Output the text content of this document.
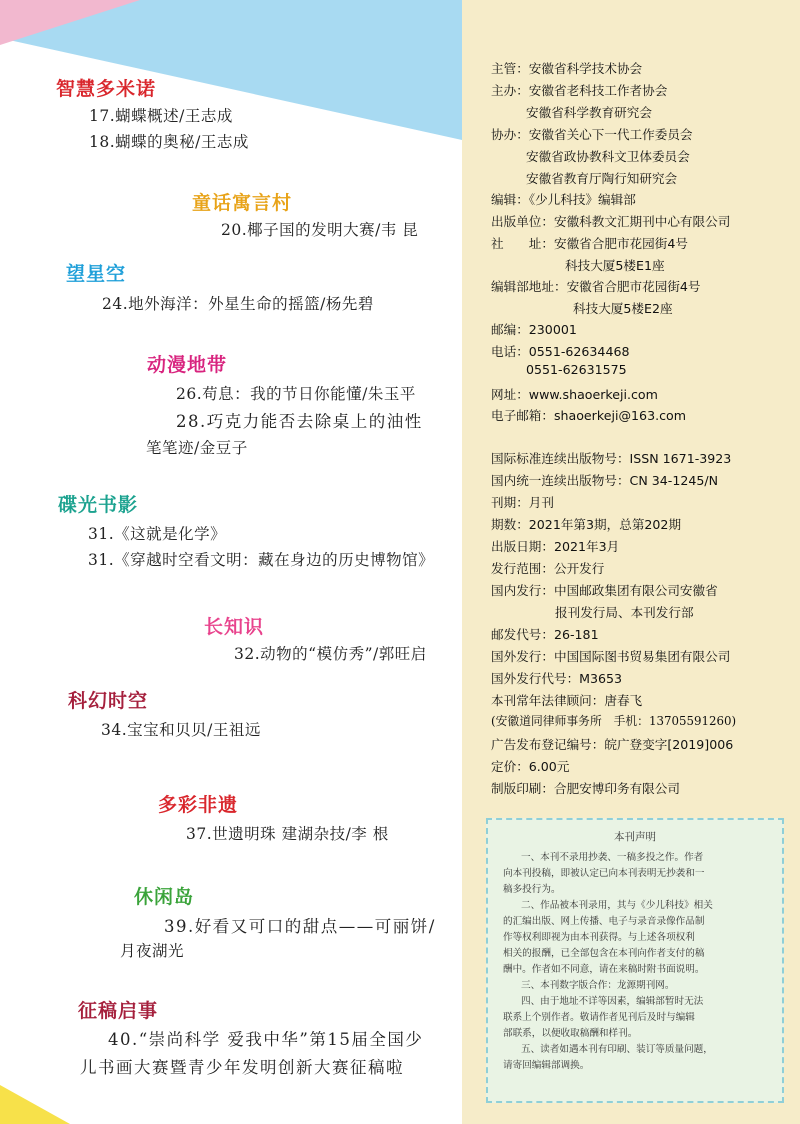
智慧多米诺
17.蝴蝶概述/王志成
18.蝴蝶的奥秘/王志成
童话寓言村
20.椰子国的发明大赛/韦 昆
望星空
24.地外海洋：外星生命的摇篮/杨先碧
动漫地带
26.苟息：我的节日你能懂/朱玉平
28.巧克力能否去除桌上的油性
笔笔迹/金豆子
碟光书影
31.《这就是化学》
31.《穿越时空看文明：藏在身边的历史博物馆》
长知识
32.动物的“模仿秀”/郭旺启
科幻时空
34.宝宝和贝贝/王祖远
多彩非遗
37.世遗明珠 建湖杂技/李 根
休闲岛
39.好看又可口的甜点——可丽饼/
月夜湖光
征稿启事
40.“崇尚科学 爱我中华”第15届全国少
儿书画大赛暨青少年发明创新大赛征稿啦
主管：安徽省科学技术协会
主办：安徽省老科技工作者协会
安徽省科学教育研究会
协办：安徽省关心下一代工作委员会
安徽省政协教科文卫体委员会
安徽省教育厅陶行知研究会
编辑：《少儿科技》编辑部
出版单位：安徽科教文汇期刊中心有限公司
社　　址：安徽省合肥市花园街4号
科技大厦5楼E1座
编辑部地址：安徽省合肥市花园街4号
科技大厦5楼E2座
邮编：230001
电话：0551-62634468
0551-62631575
网址：www.shaoerkeji.com
电子邮箱：shaoerkeji@163.com
国际标准连续出版物号：ISSN 1671-3923
国内统一连续出版物号：CN 34-1245/N
刊期：月刊
期数：2021年第3期，总第202期
出版日期：2021年3月
发行范围：公开发行
国内发行：中国邮政集团有限公司安徽省
报刊发行局、本刊发行部
邮发代号：26-181
国外发行：中国国际图书贸易集团有限公司
国外发行代号：M3653
本刊常年法律顾问：唐春飞
(安徽道同律师事务所　手机：13705591260)
广告发布登记编号：皖广登变字[2019]006
定价：6.00元
制版印刷：合肥安博印务有限公司
本刊声明
一、本刊不录用抄袭、一稿多投之作。作者
向本刊投稿，即被认定已向本刊表明无抄袭和一
稿多投行为。
二、作品被本刊录用，其与《少儿科技》相关
的汇编出版、网上传播、电子与录音录像作品制
作等权利即视为由本刊获得。与上述各项权利
相关的报酬，已全部包含在本刊向作者支付的稿
酬中。作者如不同意，请在来稿时附书面说明。
三、本刊数字版合作：龙源期刊网。
四、由于地址不详等因素，编辑部暂时无法
联系上个别作者。敬请作者见刊后及时与编辑
部联系，以便收取稿酬和样刊。
五、读者如遇本刊有印刷、装订等质量问题，
请寄回编辑部调换。
